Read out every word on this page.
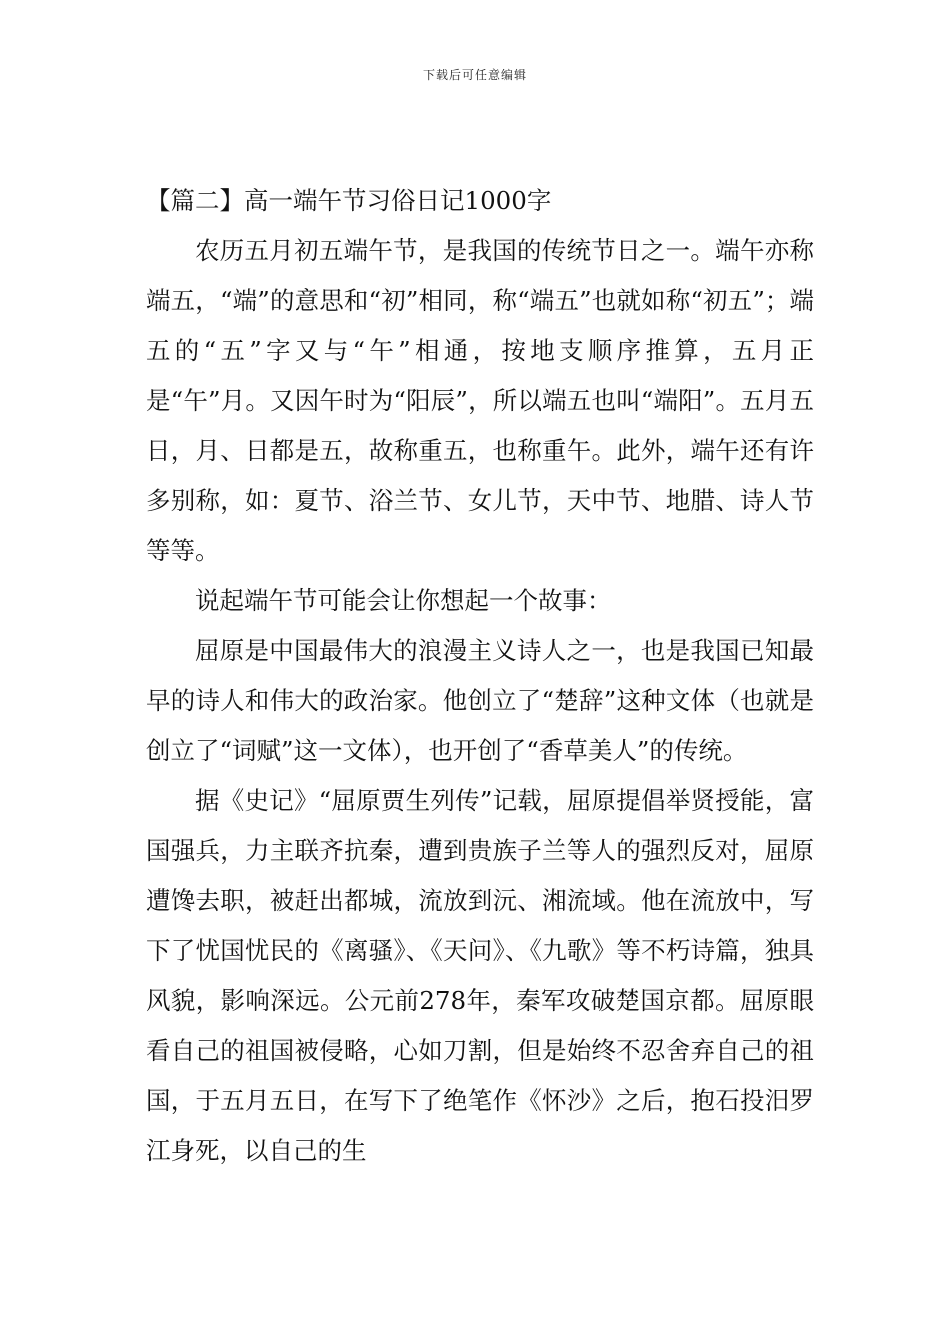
下载后可任意编辑
【篇二】高一端午节习俗日记1000字

农历五月初五端午节，是我国的传统节日之一。端午亦称端五，“端”的意思和“初”相同，称“端五”也就如称“初五”；端五的“五”字又与“午”相通，按地支顺序推算，五月正是“午”月。又因午时为“阳辰”，所以端五也叫“端阳”。五月五日，月、日都是五，故称重五，也称重午。此外，端午还有许多别称，如：夏节、浴兰节、女儿节，天中节、地腊、诗人节等等。

说起端午节可能会让你想起一个故事：

屈原是中国最伟大的浪漫主义诗人之一，也是我国已知最早的诗人和伟大的政治家。他创立了“楚辞”这种文体（也就是创立了“词赋”这一文体），也开创了“香草美人”的传统。

据《史记》“屈原贾生列传”记载，屈原提倡举贤授能，富国强兵，力主联齐抗秦，遭到贵族子兰等人的强烈反对，屈原遭馋去职，被赶出都城，流放到沅、湘流域。他在流放中，写下了忧国忧民的《离骚》、《天问》、《九歌》等不朽诗篇，独具风貌，影响深远。公元前278年，秦军攻破楚国京都。屈原眼看自己的祖国被侵略，心如刀割，但是始终不忍舍弃自己的祖国，于五月五日，在写下了绝笔作《怀沙》之后，抱石投汨罗江身死，以自己的生
